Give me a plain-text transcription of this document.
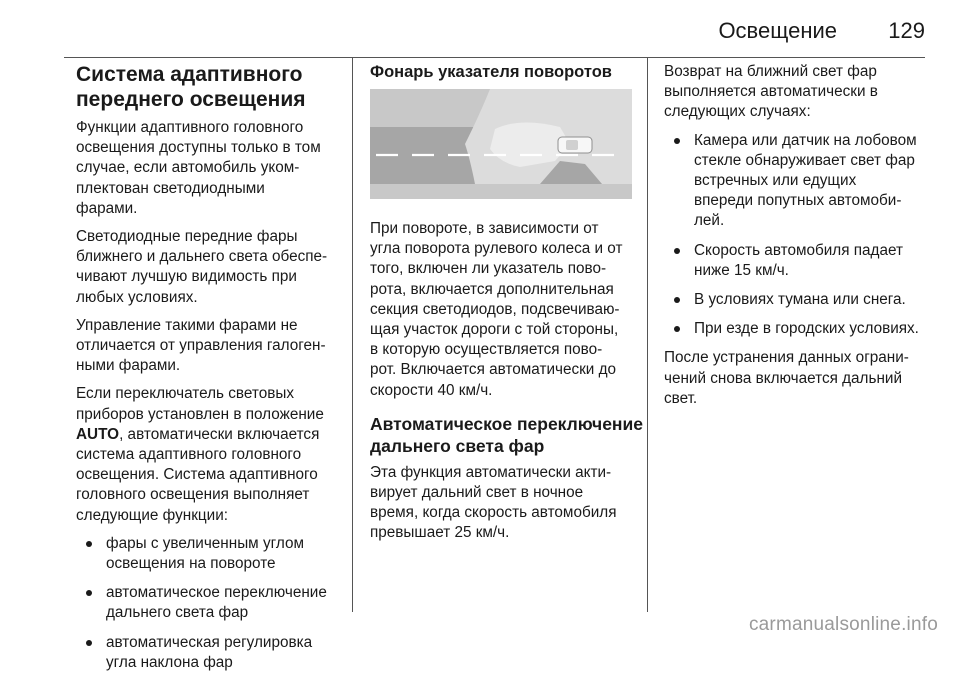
Освещение 129
Система адаптивного
переднего освещения

Функции адаптивного головного
освещения доступны только в том
случае, если автомобиль уком-
плектован светодиодными
фарами.

Светодиодные передние фары
ближнего и дальнего света обеспе-
чивают лучшую видимость при
любых условиях.

Управление такими фарами не
отличается от управления галоген-
ными фарами.

Если переключатель световых
приборов установлен в положение
AUTO, автоматически включается
система адаптивного головного
освещения. Система адаптивного
головного освещения выполняет
следующие функции:

фары с увеличенным углом
освещения на повороте
автоматическое переключение
дальнего света фар
автоматическая регулировка
угла наклона фар
Фонарь указателя поворотов

При повороте, в зависимости от
угла поворота рулевого колеса и от
того, включен ли указатель пово-
рота, включается дополнительная
секция светодиодов, подсвечиваю-
щая участок дороги с той стороны,
в которую осуществляется пово-
рот. Включается автоматически до
скорости 40 км/ч.

Автоматическое переключение
дальнего света фар

Эта функция автоматически акти-
вирует дальний свет в ночное
время, когда скорость автомобиля
превышает 25 км/ч.

Возврат на ближний свет фар
выполняется автоматически в
следующих случаях:

Камера или датчик на лобовом
стекле обнаруживает свет фар
встречных или едущих
впереди попутных автомоби-
лей.
Скорость автомобиля падает
ниже 15 км/ч.
В условиях тумана или снега.
При езде в городских условиях.

После устранения данных ограни-
чений снова включается дальний
свет.

carmanualsonline.info
